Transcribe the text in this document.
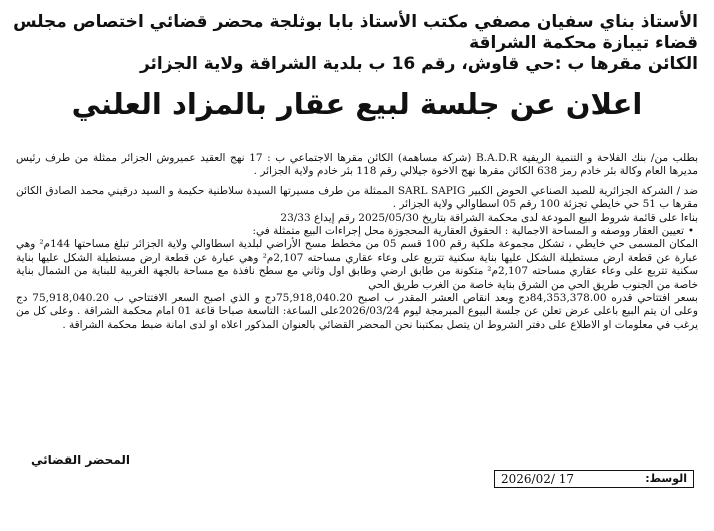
الأستاذ بناي سفيان مصفي مكتب الأستاذ بابا بوثلجة محضر قضائي اختصاص مجلس
قضاء تيبازة محكمة الشراقة
الكائن مقرها ب :حي قاوش، رقم 16 ب بلدية الشراقة ولاية الجزائر
اعلان عن جلسة لبيع عقار بالمزاد العلني

بطلب من/ بنك الفلاحة و التنمية الريفية B.A.D.R (شركة مساهمة) الكائن مقرها الاجتماعي ب : 17 نهج العقيد عميروش الجزائر ممثلة من طرف رئيس مديرها العام وكالة بئر خادم رمز 638 الكائن مقرها نهج الاخوة جيلالي رقم 118 بئر خادم ولاية الجزائر .

ضد / الشركة الجزائرية للصيد الصناعي الحوض الكبير SARL SAPIG الممثلة من طرف مسيرتها السيدة سلاطنية حكيمة و السيد درقيني محمد الصادق الكائن مقرها ب 51 حي خايطي تجزئة 100 رقم 05 اسطاوالي ولاية الجزائر .

بناءا على قائمة شروط البيع المودعة لدى محكمة الشراقة بتاريخ 2025/05/30 رقم إيداع 23/33

•
تعيين العقار ووصفه و المساحة الاجمالية : الحقوق العقارية المحجوزة محل إجراءات البيع متمثلة في:

المكان المسمى حي خايطي ، تشكل مجموعة ملكية رقم 100 قسم 05 من مخطط مسح الأراضي لبلدية اسطاوالي ولاية الجزائر تبلغ مساحتها 144م² وهي عبارة عن قطعة ارض مستطيلة الشكل عليها بناية سكنية تتربع على وعاء عقاري مساحته 2,107م² وهي عبارة عن قطعة ارض مستطيلة الشكل عليها بناية سكنية تتربع على وعاء عقاري مساحته 2,107م² متكونة من طابق ارضي وطابق اول وثاني مع سطح نافذة مع مساحة بالجهة الغربية للبناية من الشمال بناية خاصة من الجنوب طريق الحي من الشرق بناية خاصة من الغرب طريق الحي

بسعر افتتاحي قدره 84,353,378.00دج وبعد انقاص العشر المقدر ب اصبح 75,918,040.20دج و الذي اصبح السعر الافتتاحي ب 75,918,040.20 دج وعلى ان يتم البيع باعلى عرض تعلن عن جلسة البيوع المبرمجة ليوم 2026/03/24على الساعة: التاسعة صباحا قاعة 01 امام محكمة الشراقة . وعلى كل من يرغب في معلومات او الاطلاع على دفتر الشروط ان يتصل بمكتبنا نحن المحضر القضائي بالعنوان المذكور اعلاه او لدى امانة ضبط محكمة الشراقة .

المحضر القضائي
الوسط:
2026/02/ 17
